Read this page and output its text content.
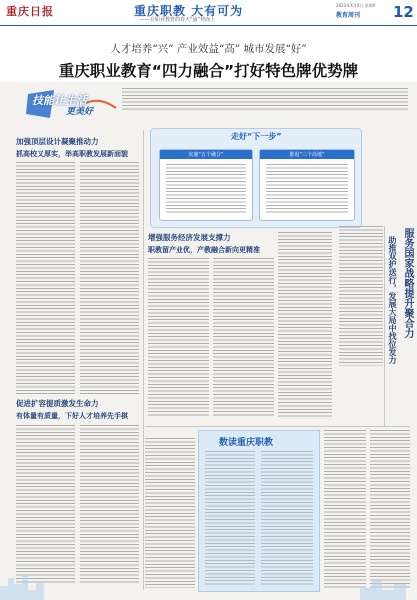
重庆日报	重庆职教 大有可为
——在职业教育的春天“渝”势而上
2023年X月X日 星期X
教育周刊 12
人才培养“兴” 产业效益“高” 城市发展“好”
重庆职业教育“四力融合”打好特色牌优势牌
技能让生活
更美好
加强顶层设计凝聚推动力
抓高校又厚实，举高职教发展新面貌
促进扩容提质激发生命力
有体量有质量，下好人才培养先手棋
走好“下一步”
实施“五个融合”	推进“三个高地”
增强服务经济发展支撑力
职教留产业优，产教融合新向更精准	服务国家战略提升聚合力
助推双护送行，发展大局中找位发力
数读重庆职教
